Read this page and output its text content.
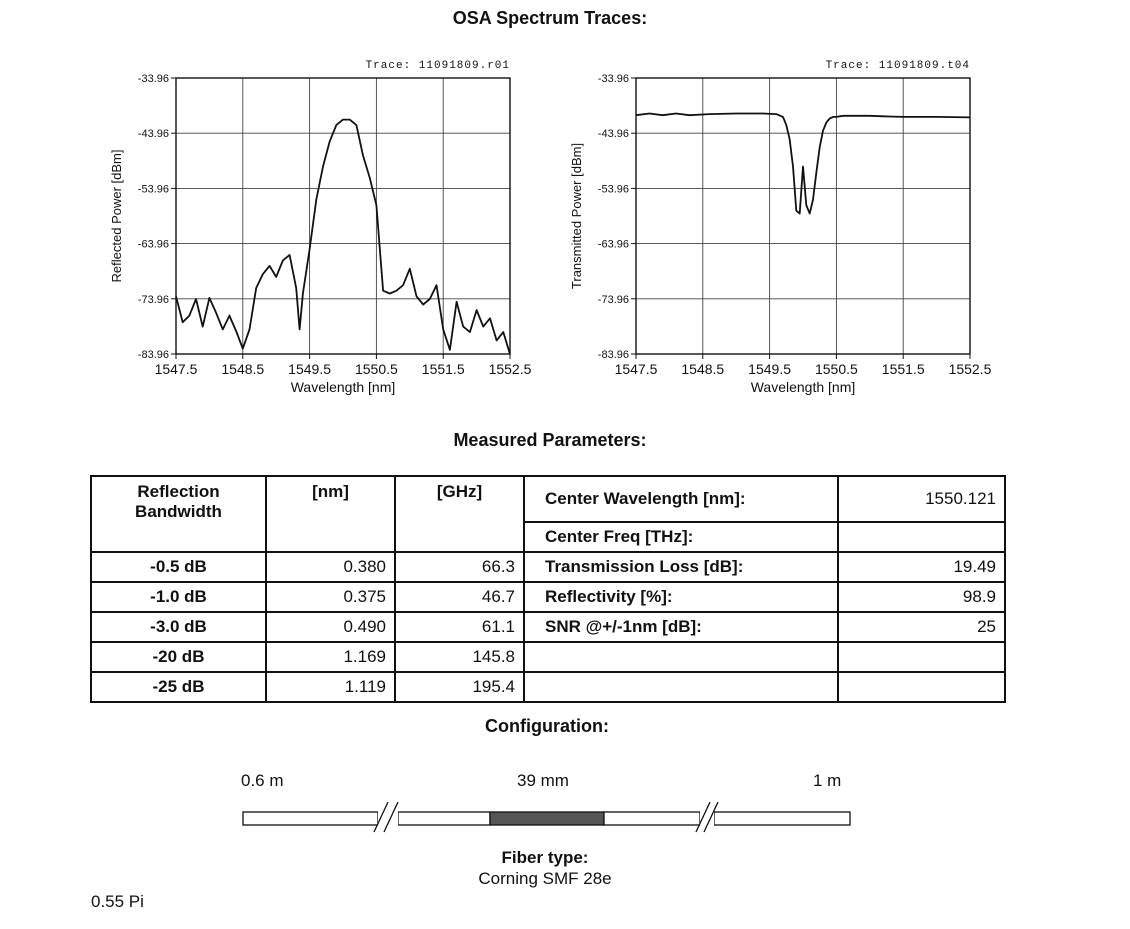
OSA Spectrum Traces:
1547.5 1548.5 1549.5 1550.5 1551.5 1552.5
-33.96
-43.96
-53.96
-63.96
-73.96
-83.96
Trace: 11091809.r01
Wavelength [nm]
Reflected Power [dBm]
1547.5 1548.5 1549.5 1550.5 1551.5 1552.5
-33.96
-43.96
-53.96
-63.96
-73.96
-83.96
Trace: 11091809.t04
Wavelength [nm]
Transmitted Power [dBm]
Measured Parameters:
Reflection Bandwidth	[nm]	[GHz]	Center Wavelength [nm]:	1550.121
			Center Freq [THz]:	
-0.5 dB	0.380	66.3	Transmission Loss [dB]:	19.49
-1.0 dB	0.375	46.7	Reflectivity [%]:	98.9
-3.0 dB	0.490	61.1	SNR @+/-1nm [dB]:	25
-20 dB	1.169	145.8		
-25 dB	1.119	195.4		
Configuration:
0.6 m	39 mm	1 m
Fiber type:
Corning SMF 28e
0.55 Pi
